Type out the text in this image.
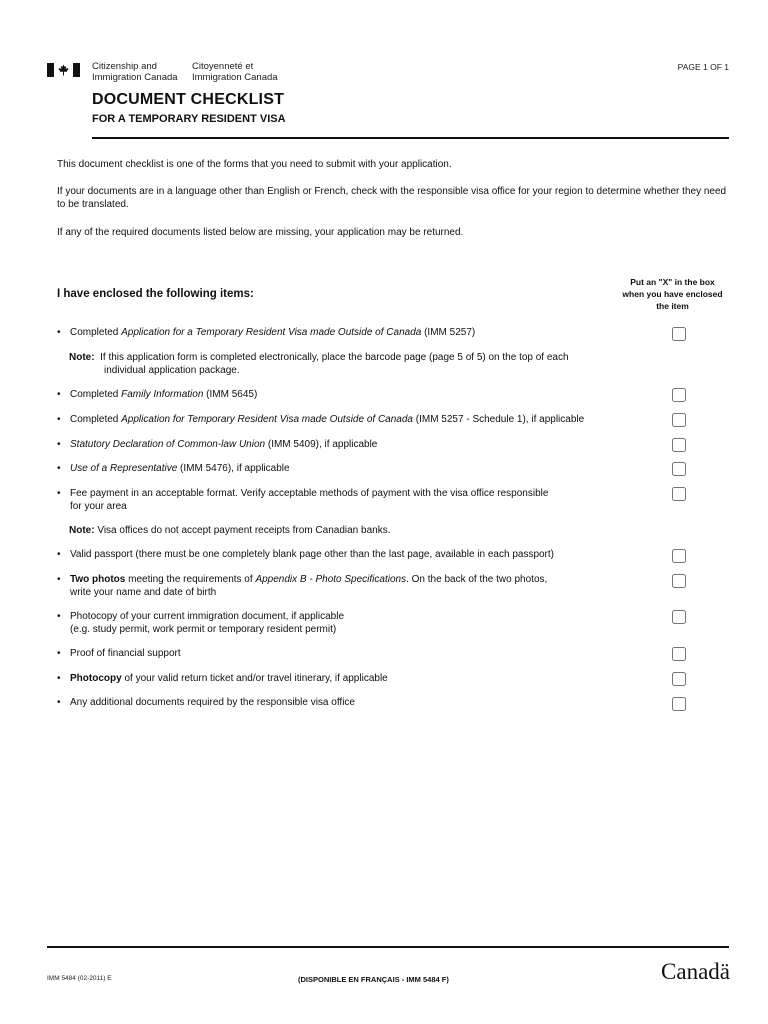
Citizenship and
Immigration Canada
Citoyenneté et
Immigration Canada
PAGE 1 OF 1
DOCUMENT CHECKLIST
FOR A TEMPORARY RESIDENT VISA
This document checklist is one of the forms that you need to submit with your application.
If your documents are in a language other than English or French, check with the responsible visa office for your region to determine whether they need to be translated.
If any of the required documents listed below are missing, your application may be returned.
Put an "X" in the box when you have enclosed the item
I have enclosed the following items:
• Completed Application for a Temporary Resident Visa made Outside of Canada (IMM 5257)
Note: If this application form is completed electronically, place the barcode page (page 5 of 5) on the top of each
individual application package.
• Completed Family Information (IMM 5645)
• Completed Application for Temporary Resident Visa made Outside of Canada (IMM 5257 - Schedule 1), if applicable
• Statutory Declaration of Common-law Union (IMM 5409), if applicable
• Use of a Representative (IMM 5476), if applicable
• Fee payment in an acceptable format. Verify acceptable methods of payment with the visa office responsible
for your area
Note: Visa offices do not accept payment receipts from Canadian banks.
• Valid passport (there must be one completely blank page other than the last page, available in each passport)
• Two photos meeting the requirements of Appendix B - Photo Specifications. On the back of the two photos,
write your name and date of birth
• Photocopy of your current immigration document, if applicable
(e.g. study permit, work permit or temporary resident permit)
• Proof of financial support
• Photocopy of your valid return ticket and/or travel itinerary, if applicable
• Any additional documents required by the responsible visa office
IMM 5484 (02-2011) E	(DISPONIBLE EN FRANÇAIS - IMM 5484 F)	Canadä
